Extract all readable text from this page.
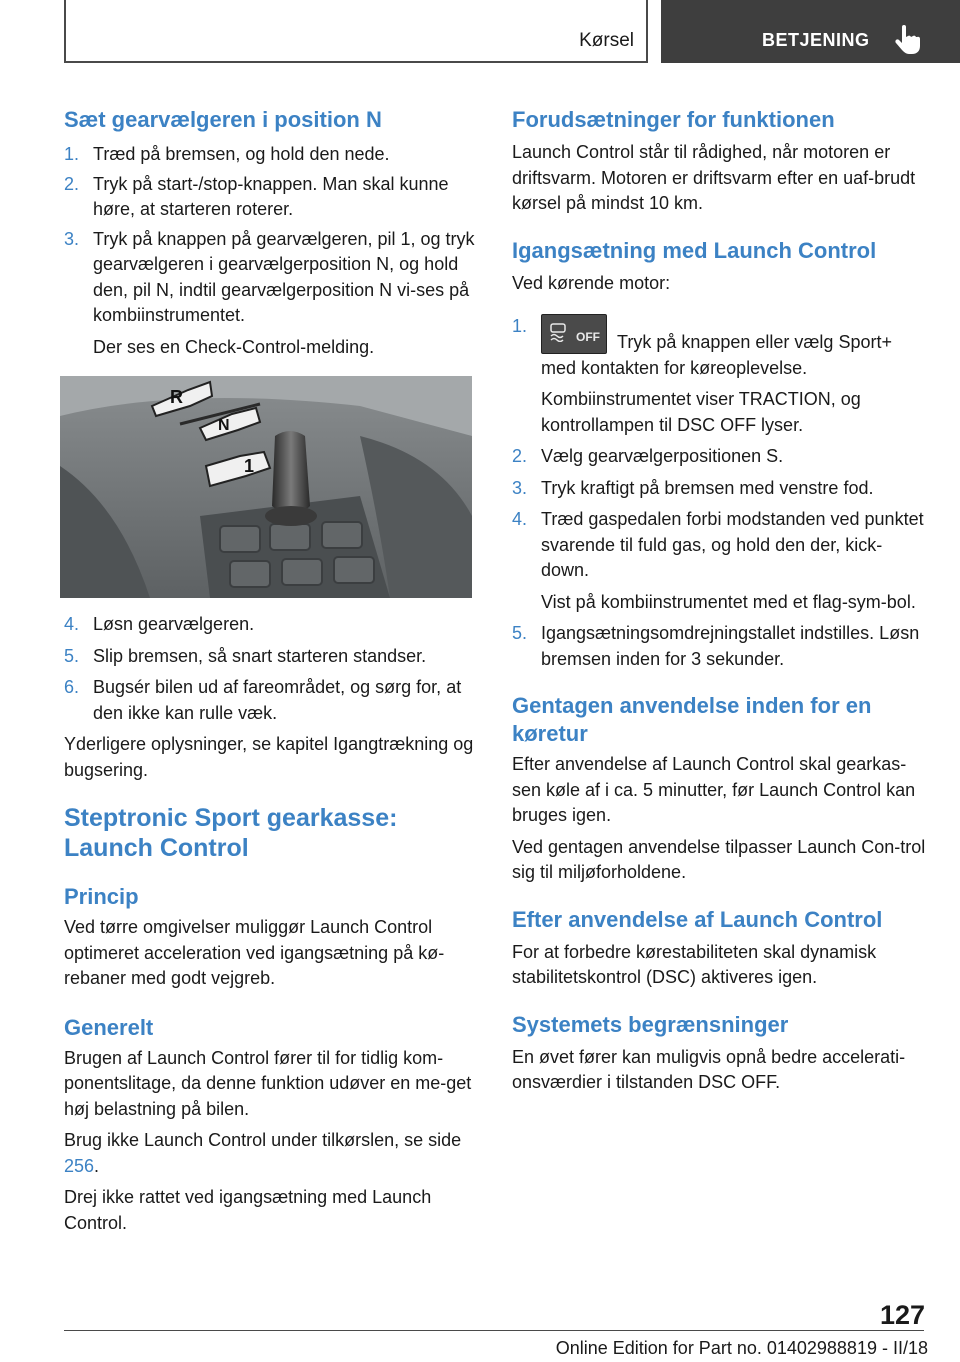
Kørsel	BETJENING
Sæt gearvælgeren i position N
1. Træd på bremsen, og hold den nede.
2. Tryk på start-/stop-knappen. Man skal kunne høre, at starteren roterer.
3. Tryk på knappen på gearvælgeren, pil 1, og tryk gearvælgeren i gearvælgerposition N, og hold den, pil N, indtil gearvælgerposition N vi-ses på kombiinstrumentet.
Der ses en Check-Control-melding.
R
N
1
4. Løsn gearvælgeren.
5. Slip bremsen, så snart starteren standser.
6. Bugsér bilen ud af fareområdet, og sørg for, at den ikke kan rulle væk.

Yderligere oplysninger, se kapitel Igangtrækning og bugsering.

Steptronic Sport gearkasse: Launch Control
Princip

Ved tørre omgivelser muliggør Launch Control optimeret acceleration ved igangsætning på kø-rebaner med godt vejgreb.

Generelt

Brugen af Launch Control fører til for tidlig kom-ponentslitage, da denne funktion udøver en me-get høj belastning på bilen.

Brug ikke Launch Control under tilkørslen, se side 256.

Drej ikke rattet ved igangsætning med Launch Control.

Forudsætninger for funktionen

Launch Control står til rådighed, når motoren er driftsvarm. Motoren er driftsvarm efter en uaf-brudt kørsel på mindst 10 km.

Igangsætning med Launch Control

Ved kørende motor:

1.
OFF Tryk på knappen eller vælg Sport+ med kontakten for køreoplevelse.
Kombiinstrumentet viser TRACTION, og kontrollampen til DSC OFF lyser.
2. Vælg gearvælgerpositionen S.
3. Tryk kraftigt på bremsen med venstre fod.
4. Træd gaspedalen forbi modstanden ved punktet svarende til fuld gas, og hold den der, kick-down.
Vist på kombiinstrumentet med et flag-sym-bol.
5. Igangsætningsomdrejningstallet indstilles. Løsn bremsen inden for 3 sekunder.
Gentagen anvendelse inden for en køretur

Efter anvendelse af Launch Control skal gearkas-sen køle af i ca. 5 minutter, før Launch Control kan bruges igen.

Ved gentagen anvendelse tilpasser Launch Con-trol sig til miljøforholdene.

Efter anvendelse af Launch Control

For at forbedre kørestabiliteten skal dynamisk stabilitetskontrol (DSC) aktiveres igen.

Systemets begrænsninger

En øvet fører kan muligvis opnå bedre accelerati-onsværdier i tilstanden DSC OFF.

127
Online Edition for Part no. 01402988819 - II/18
